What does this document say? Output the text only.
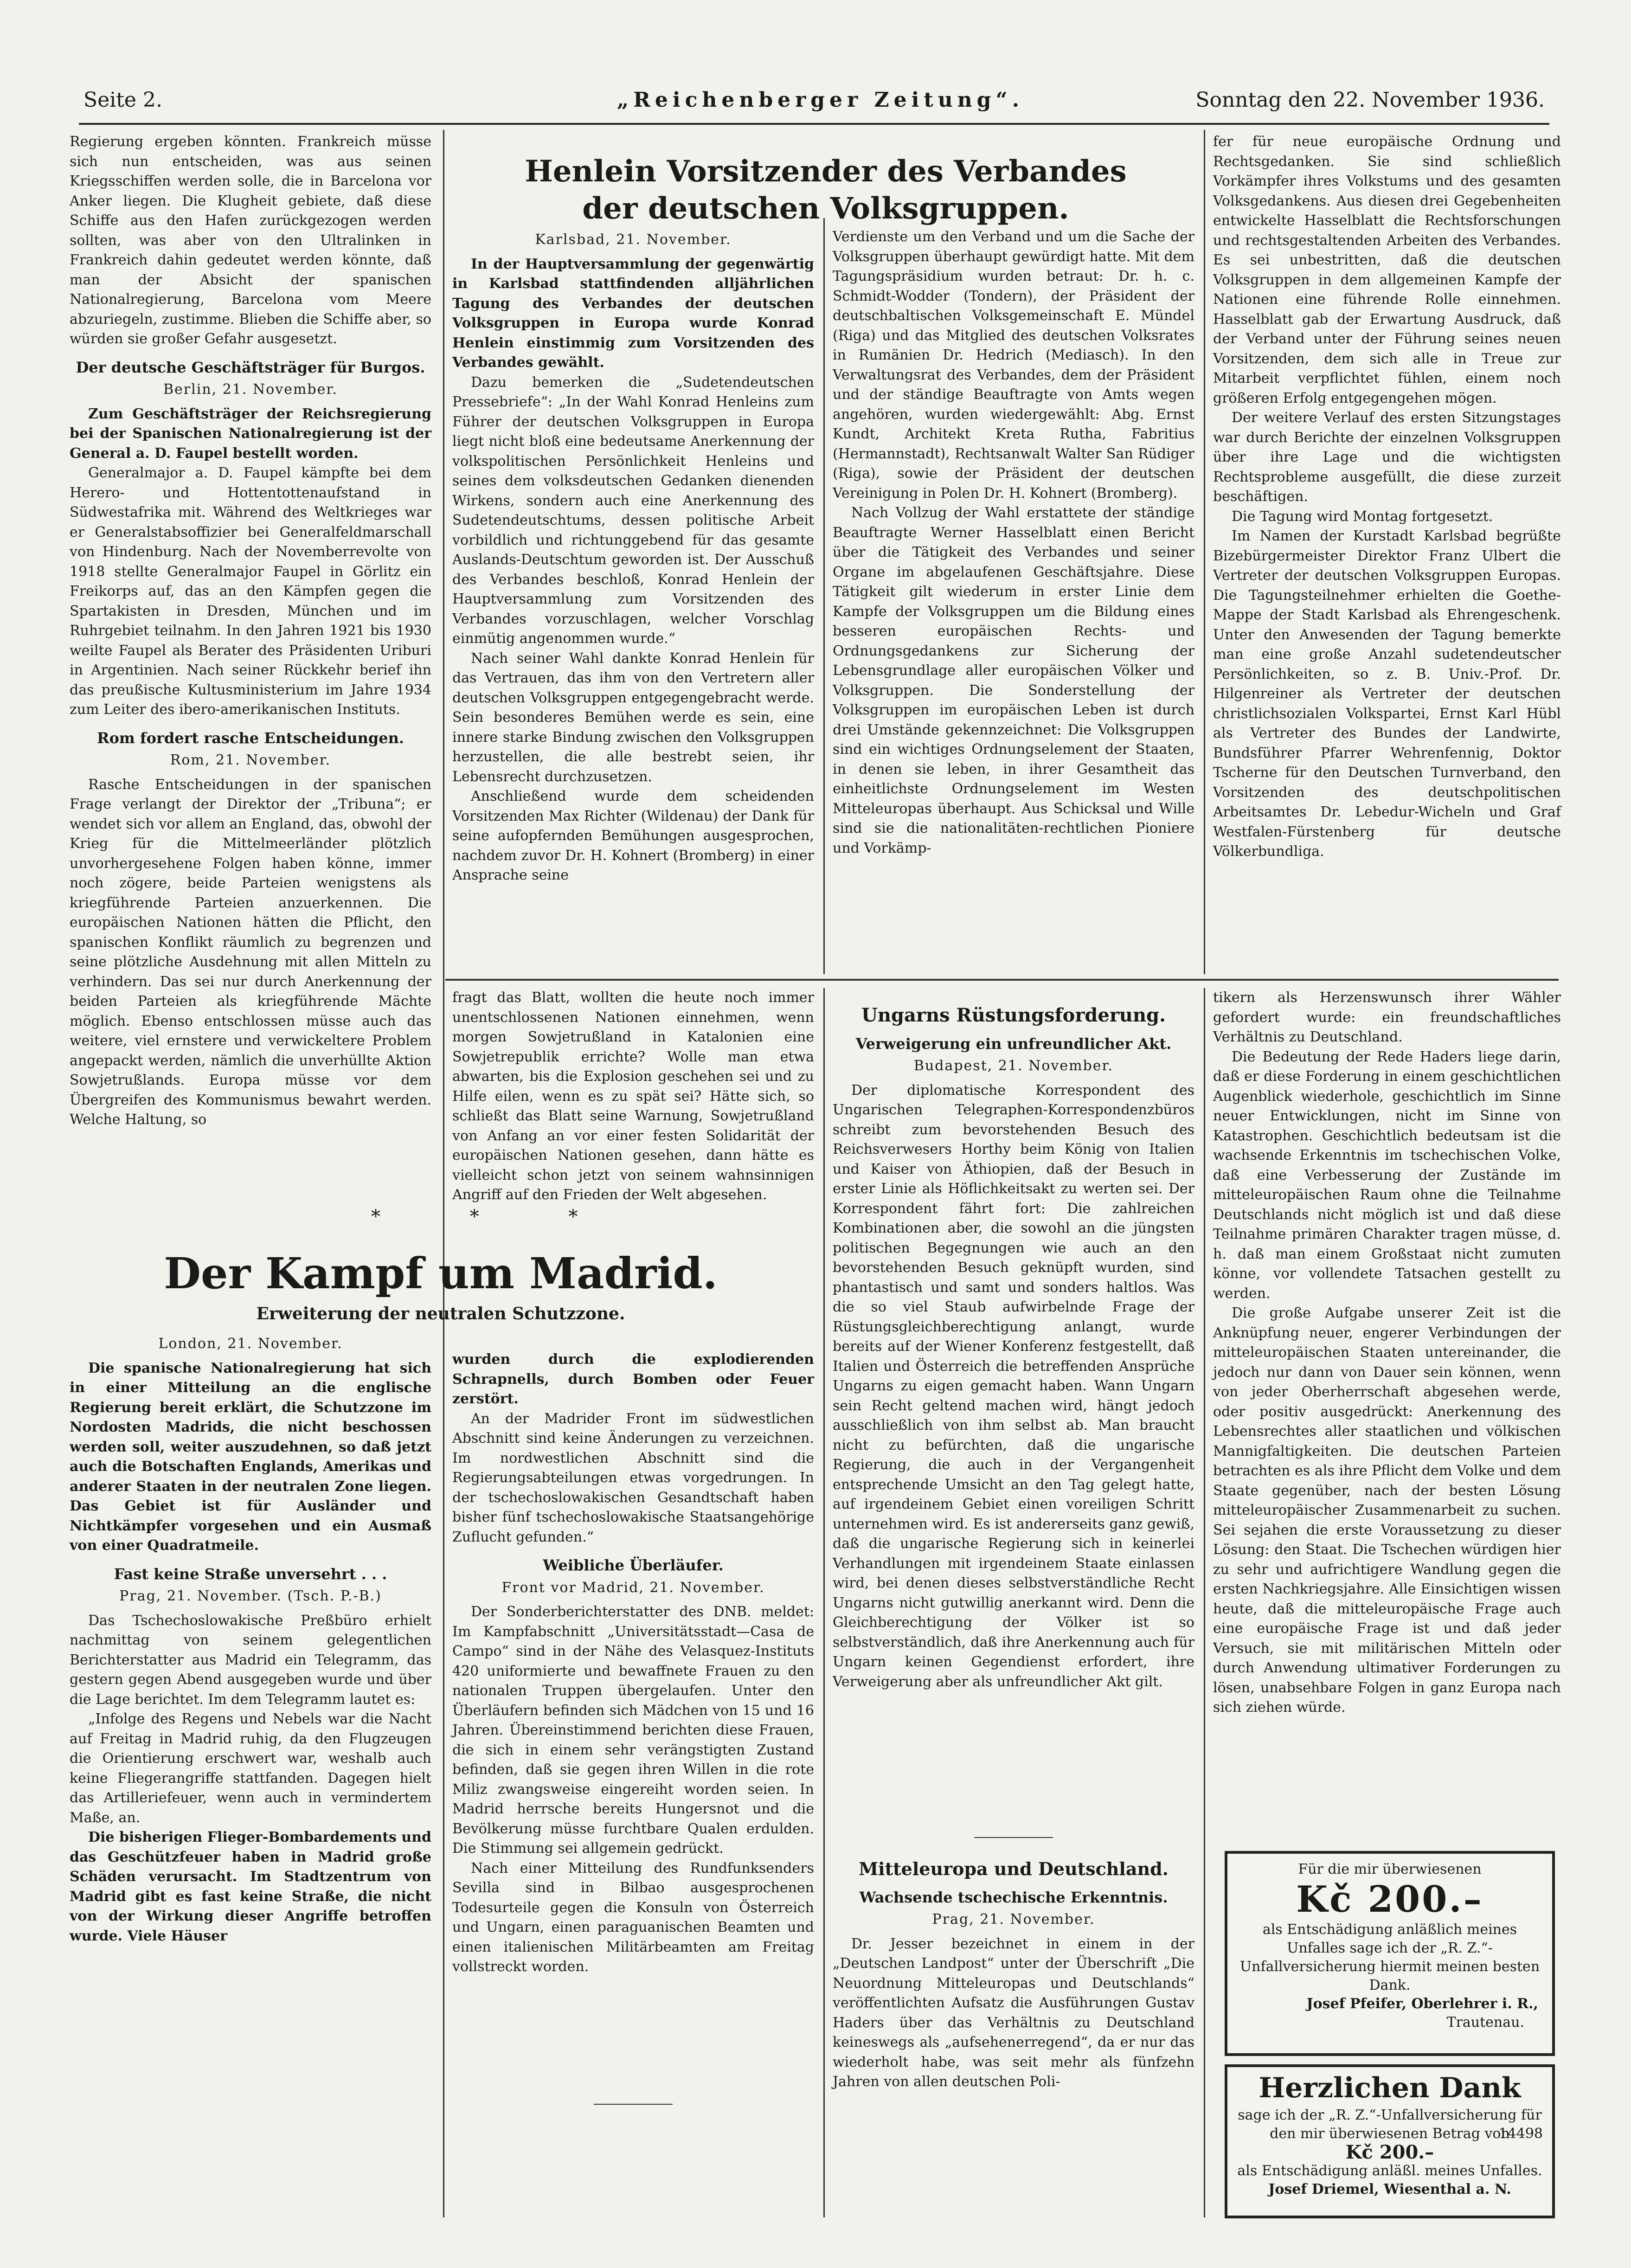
Seite 2.	„Reichenberger Zeitung“.	Sonntag den 22. November 1936.

Regierung ergeben könnten. Frankreich müsse sich nun entscheiden, was aus seinen Kriegsschiffen werden solle, die in Barcelona vor Anker liegen. Die Klugheit gebiete, daß diese Schiffe aus den Hafen zurückgezogen werden sollten, was aber von den Ultralinken in Frankreich dahin gedeutet werden könnte, daß man der Absicht der spanischen Nationalregierung, Barcelona vom Meere abzuriegeln, zustimme. Blieben die Schiffe aber, so würden sie großer Gefahr ausgesetzt.

Der deutsche Geschäftsträger für Burgos.
Berlin, 21. November.

Zum Geschäftsträger der Reichsregierung bei der Spanischen Nationalregierung ist der General a. D. Faupel bestellt worden.

Generalmajor a. D. Faupel kämpfte bei dem Herero- und Hottentottenaufstand in Südwestafrika mit. Während des Weltkrieges war er Generalstabsoffizier bei Generalfeldmarschall von Hindenburg. Nach der Novemberrevolte von 1918 stellte Generalmajor Faupel in Görlitz ein Freikorps auf, das an den Kämpfen gegen die Spartakisten in Dresden, München und im Ruhrgebiet teilnahm. In den Jahren 1921 bis 1930 weilte Faupel als Berater des Präsidenten Uriburi in Argentinien. Nach seiner Rückkehr berief ihn das preußische Kultusministerium im Jahre 1934 zum Leiter des ibero-amerikanischen Instituts.

Rom fordert rasche Entscheidungen.
Rom, 21. November.

Rasche Entscheidungen in der spanischen Frage verlangt der Direktor der „Tribuna“; er wendet sich vor allem an England, das, obwohl der Krieg für die Mittelmeerländer plötzlich unvorhergesehene Folgen haben könne, immer noch zögere, beide Parteien wenigstens als kriegführende Parteien anzuerkennen. Die europäischen Nationen hätten die Pflicht, den spanischen Konflikt räumlich zu begrenzen und seine plötzliche Ausdehnung mit allen Mitteln zu verhindern. Das sei nur durch Anerkennung der beiden Parteien als kriegführende Mächte möglich. Ebenso entschlossen müsse auch das weitere, viel ernstere und verwickeltere Problem angepackt werden, nämlich die unverhüllte Aktion Sowjetrußlands. Europa müsse vor dem Übergreifen des Kommunismus bewahrt werden. Welche Haltung, so

Henlein Vorsitzender des Verbandes
der deutschen Volksgruppen.
Karlsbad, 21. November.

In der Hauptversammlung der gegenwärtig in Karlsbad stattfindenden alljährlichen Tagung des Verbandes der deutschen Volksgruppen in Europa wurde Konrad Henlein einstimmig zum Vorsitzenden des Verbandes gewählt.

Dazu bemerken die „Sudetendeutschen Pressebriefe“: „In der Wahl Konrad Henleins zum Führer der deutschen Volksgruppen in Europa liegt nicht bloß eine bedeutsame Anerkennung der volkspolitischen Persönlichkeit Henleins und seines dem volksdeutschen Gedanken dienenden Wirkens, sondern auch eine Anerkennung des Sudetendeutschtums, dessen politische Arbeit vorbildlich und richtunggebend für das gesamte Auslands-Deutschtum geworden ist. Der Ausschuß des Verbandes beschloß, Konrad Henlein der Hauptversammlung zum Vorsitzenden des Verbandes vorzuschlagen, welcher Vorschlag einmütig angenommen wurde.“

Nach seiner Wahl dankte Konrad Henlein für das Vertrauen, das ihm von den Vertretern aller deutschen Volksgruppen entgegengebracht werde. Sein besonderes Bemühen werde es sein, eine innere starke Bindung zwischen den Volksgruppen herzustellen, die alle bestrebt seien, ihr Lebensrecht durchzusetzen.

Anschließend wurde dem scheidenden Vorsitzenden Max Richter (Wildenau) der Dank für seine aufopfernden Bemühungen ausgesprochen, nachdem zuvor Dr. H. Kohnert (Bromberg) in einer Ansprache seine

Verdienste um den Verband und um die Sache der Volksgruppen überhaupt gewürdigt hatte. Mit dem Tagungspräsidium wurden betraut: Dr. h. c. Schmidt-Wodder (Tondern), der Präsident der deutschbaltischen Volksgemeinschaft E. Mündel (Riga) und das Mitglied des deutschen Volksrates in Rumänien Dr. Hedrich (Mediasch). In den Verwaltungsrat des Verbandes, dem der Präsident und der ständige Beauftragte von Amts wegen angehören, wurden wiedergewählt: Abg. Ernst Kundt, Architekt Kreta Rutha, Fabritius (Hermannstadt), Rechtsanwalt Walter San Rüdiger (Riga), sowie der Präsident der deutschen Vereinigung in Polen Dr. H. Kohnert (Bromberg).

Nach Vollzug der Wahl erstattete der ständige Beauftragte Werner Hasselblatt einen Bericht über die Tätigkeit des Verbandes und seiner Organe im abgelaufenen Geschäftsjahre. Diese Tätigkeit gilt wiederum in erster Linie dem Kampfe der Volksgruppen um die Bildung eines besseren europäischen Rechts- und Ordnungsgedankens zur Sicherung der Lebensgrundlage aller europäischen Völker und Volksgruppen. Die Sonderstellung der Volksgruppen im europäischen Leben ist durch drei Umstände gekennzeichnet: Die Volksgruppen sind ein wichtiges Ordnungselement der Staaten, in denen sie leben, in ihrer Gesamtheit das einheitlichste Ordnungselement im Westen Mitteleuropas überhaupt. Aus Schicksal und Wille sind sie die nationalitäten-rechtlichen Pioniere und Vorkämp-

fer für neue europäische Ordnung und Rechtsgedanken. Sie sind schließlich Vorkämpfer ihres Volkstums und des gesamten Volksgedankens. Aus diesen drei Gegebenheiten entwickelte Hasselblatt die Rechtsforschungen und rechtsgestaltenden Arbeiten des Verbandes. Es sei unbestritten, daß die deutschen Volksgruppen in dem allgemeinen Kampfe der Nationen eine führende Rolle einnehmen. Hasselblatt gab der Erwartung Ausdruck, daß der Verband unter der Führung seines neuen Vorsitzenden, dem sich alle in Treue zur Mitarbeit verpflichtet fühlen, einem noch größeren Erfolg entgegengehen mögen.

Der weitere Verlauf des ersten Sitzungstages war durch Berichte der einzelnen Volksgruppen über ihre Lage und die wichtigsten Rechtsprobleme ausgefüllt, die diese zurzeit beschäftigen.

Die Tagung wird Montag fortgesetzt.

Im Namen der Kurstadt Karlsbad begrüßte Bizebürgermeister Direktor Franz Ulbert die Vertreter der deutschen Volksgruppen Europas. Die Tagungsteilnehmer erhielten die Goethe-Mappe der Stadt Karlsbad als Ehrengeschenk. Unter den Anwesenden der Tagung bemerkte man eine große Anzahl sudetendeutscher Persönlichkeiten, so z. B. Univ.-Prof. Dr. Hilgenreiner als Vertreter der deutschen christlichsozialen Volkspartei, Ernst Karl Hübl als Vertreter des Bundes der Landwirte, Bundsführer Pfarrer Wehrenfennig, Doktor Tscherne für den Deutschen Turnverband, den Vorsitzenden des deutschpolitischen Arbeitsamtes Dr. Lebedur-Wicheln und Graf Westfalen-Fürstenberg für deutsche Völkerbundliga.

fragt das Blatt, wollten die heute noch immer unentschlossenen Nationen einnehmen, wenn morgen Sowjetrußland in Katalonien eine Sowjetrepublik errichte? Wolle man etwa abwarten, bis die Explosion geschehen sei und zu Hilfe eilen, wenn es zu spät sei? Hätte sich, so schließt das Blatt seine Warnung, Sowjetrußland von Anfang an vor einer festen Solidarität der europäischen Nationen gesehen, dann hätte es vielleicht schon jetzt von seinem wahnsinnigen Angriff auf den Frieden der Welt abgesehen.

* * *
Der Kampf um Madrid.
Erweiterung der neutralen Schutzzone.
London, 21. November.

Die spanische Nationalregierung hat sich in einer Mitteilung an die englische Regierung bereit erklärt, die Schutzzone im Nordosten Madrids, die nicht beschossen werden soll, weiter auszudehnen, so daß jetzt auch die Botschaften Englands, Amerikas und anderer Staaten in der neutralen Zone liegen. Das Gebiet ist für Ausländer und Nichtkämpfer vorgesehen und ein Ausmaß von einer Quadratmeile.

Fast keine Straße unversehrt . . .
Prag, 21. November. (Tsch. P.-B.)

Das Tschechoslowakische Preßbüro erhielt nachmittag von seinem gelegentlichen Berichterstatter aus Madrid ein Telegramm, das gestern gegen Abend ausgegeben wurde und über die Lage berichtet. Im dem Telegramm lautet es:

„Infolge des Regens und Nebels war die Nacht auf Freitag in Madrid ruhig, da den Flugzeugen die Orientierung erschwert war, weshalb auch keine Fliegerangriffe stattfanden. Dagegen hielt das Artilleriefeuer, wenn auch in vermindertem Maße, an.

Die bisherigen Flieger-Bombardements und das Geschützfeuer haben in Madrid große Schäden verursacht. Im Stadtzentrum von Madrid gibt es fast keine Straße, die nicht von der Wirkung dieser Angriffe betroffen wurde. Viele Häuser

wurden durch die explodierenden Schrapnells, durch Bomben oder Feuer zerstört.

An der Madrider Front im südwestlichen Abschnitt sind keine Änderungen zu verzeichnen. Im nordwestlichen Abschnitt sind die Regierungsabteilungen etwas vorgedrungen. In der tschechoslowakischen Gesandtschaft haben bisher fünf tschechoslowakische Staatsangehörige Zuflucht gefunden.“

Weibliche Überläufer.
Front vor Madrid, 21. November.

Der Sonderberichterstatter des DNB. meldet: Im Kampfabschnitt „Universitätsstadt—Casa de Campo“ sind in der Nähe des Velasquez-Instituts 420 uniformierte und bewaffnete Frauen zu den nationalen Truppen übergelaufen. Unter den Überläufern befinden sich Mädchen von 15 und 16 Jahren. Übereinstimmend berichten diese Frauen, die sich in einem sehr verängstigten Zustand befinden, daß sie gegen ihren Willen in die rote Miliz zwangsweise eingereiht worden seien. In Madrid herrsche bereits Hungersnot und die Bevölkerung müsse furchtbare Qualen erdulden. Die Stimmung sei allgemein gedrückt.

Nach einer Mitteilung des Rundfunksenders Sevilla sind in Bilbao ausgesprochenen Todesurteile gegen die Konsuln von Österreich und Ungarn, einen paraguanischen Beamten und einen italienischen Militärbeamten am Freitag vollstreckt worden.

Ungarns Rüstungsforderung.
Verweigerung ein unfreundlicher Akt.
Budapest, 21. November.

Der diplomatische Korrespondent des Ungarischen Telegraphen-Korrespondenzbüros schreibt zum bevorstehenden Besuch des Reichsverwesers Horthy beim König von Italien und Kaiser von Äthiopien, daß der Besuch in erster Linie als Höflichkeitsakt zu werten sei. Der Korrespondent fährt fort: Die zahlreichen Kombinationen aber, die sowohl an die jüngsten politischen Begegnungen wie auch an den bevorstehenden Besuch geknüpft wurden, sind phantastisch und samt und sonders haltlos. Was die so viel Staub aufwirbelnde Frage der Rüstungsgleichberechtigung anlangt, wurde bereits auf der Wiener Konferenz festgestellt, daß Italien und Österreich die betreffenden Ansprüche Ungarns zu eigen gemacht haben. Wann Ungarn sein Recht geltend machen wird, hängt jedoch ausschließlich von ihm selbst ab. Man braucht nicht zu befürchten, daß die ungarische Regierung, die auch in der Vergangenheit entsprechende Umsicht an den Tag gelegt hatte, auf irgendeinem Gebiet einen voreiligen Schritt unternehmen wird. Es ist andererseits ganz gewiß, daß die ungarische Regierung sich in keinerlei Verhandlungen mit irgendeinem Staate einlassen wird, bei denen dieses selbstverständliche Recht Ungarns nicht gutwillig anerkannt wird. Denn die Gleichberechtigung der Völker ist so selbstverständlich, daß ihre Anerkennung auch für Ungarn keinen Gegendienst erfordert, ihre Verweigerung aber als unfreundlicher Akt gilt.

Mitteleuropa und Deutschland.
Wachsende tschechische Erkenntnis.
Prag, 21. November.

Dr. Jesser bezeichnet in einem in der „Deutschen Landpost“ unter der Überschrift „Die Neuordnung Mitteleuropas und Deutschlands“ veröffentlichten Aufsatz die Ausführungen Gustav Haders über das Verhältnis zu Deutschland keineswegs als „aufsehenerregend“, da er nur das wiederholt habe, was seit mehr als fünfzehn Jahren von allen deutschen Poli-

tikern als Herzenswunsch ihrer Wähler gefordert wurde: ein freundschaftliches Verhältnis zu Deutschland.

Die Bedeutung der Rede Haders liege darin, daß er diese Forderung in einem geschichtlichen Augenblick wiederhole, geschichtlich im Sinne neuer Entwicklungen, nicht im Sinne von Katastrophen. Geschichtlich bedeutsam ist die wachsende Erkenntnis im tschechischen Volke, daß eine Verbesserung der Zustände im mitteleuropäischen Raum ohne die Teilnahme Deutschlands nicht möglich ist und daß diese Teilnahme primären Charakter tragen müsse, d. h. daß man einem Großstaat nicht zumuten könne, vor vollendete Tatsachen gestellt zu werden.

Die große Aufgabe unserer Zeit ist die Anknüpfung neuer, engerer Verbindungen der mitteleuropäischen Staaten untereinander, die jedoch nur dann von Dauer sein können, wenn von jeder Oberherrschaft abgesehen werde, oder positiv ausgedrückt: Anerkennung des Lebensrechtes aller staatlichen und völkischen Mannigfaltigkeiten. Die deutschen Parteien betrachten es als ihre Pflicht dem Volke und dem Staate gegenüber, nach der besten Lösung mitteleuropäischer Zusammenarbeit zu suchen. Sei sejahen die erste Voraussetzung zu dieser Lösung: den Staat. Die Tschechen würdigen hier zu sehr und aufrichtigere Wandlung gegen die ersten Nachkriegsjahre. Alle Einsichtigen wissen heute, daß die mitteleuropäische Frage auch eine europäische Frage ist und daß jeder Versuch, sie mit militärischen Mitteln oder durch Anwendung ultimativer Forderungen zu lösen, unabsehbare Folgen in ganz Europa nach sich ziehen würde.

Für die mir überwiesenen
Kč 200.–
als Entschädigung anläßlich meines Unfalles sage ich der „R. Z.“-Unfallversicherung hiermit meinen besten Dank.
Josef Pfeifer, Oberlehrer i. R.,
Trautenau.
Herzlichen Dank
sage ich der „R. Z.“-Unfallversicherung für den mir überwiesenen Betrag von
14498
Kč 200.–
als Entschädigung anläßl. meines Unfalles.
Josef Driemel, Wiesenthal a. N.
